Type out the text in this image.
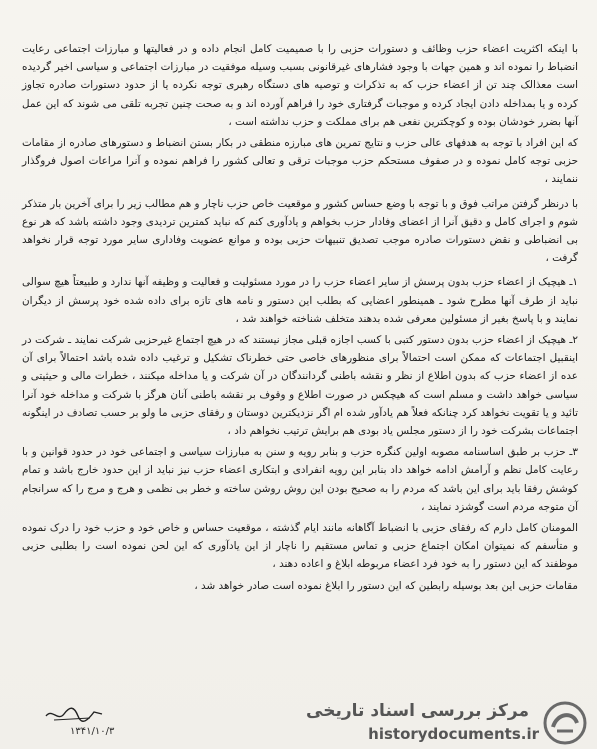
با اینکه اکثریت اعضاء حزب وظائف و دستورات حزبی را با صمیمیت کامل انجام داده و در فعالیتها و مبارزات اجتماعی رعایت انضباط را نموده اند و همین جهات با وجود فشارهای غیرقانونی بسبب وسیله موفقیت در مبارزات اجتماعی و سیاسی اخیر گردیده است معذالک چند تن از اعضاء حزب که به تذکرات و توصیه های دستگاه رهبری توجه نکرده یا از حدود دستورات صادره تجاوز کرده و یا بمداخله دادن ایجاد کرده و موجبات گرفتاری خود را فراهم آورده اند و به صحت چنین تجربه تلقی می شوند که این عمل آنها بضرر خودشان بوده و کوچکترین نفعی هم برای مملکت و حزب نداشته است ،

که این افراد با توجه به هدفهای عالی حزب و نتایج تمرین های مبارزه منطقی در بکار بستن انضباط و دستورهای صادره از مقامات حزبی توجه کامل نموده و در صفوف مستحکم حزب موجبات ترقی و تعالی کشور را فراهم نموده و آنرا مراعات اصول فروگذار ننمایند ،

با درنظر گرفتن مراتب فوق و با توجه با وضع حساس کشور و موقعیت خاص حزب ناچار و هم مطالب زیر را برای آخرین بار متذکر شوم و اجرای کامل و دقیق آنرا از اعضای وفادار حزب بخواهم و یادآوری کنم که نباید کمترین تردیدی وجود داشته باشد که هر نوع بی انضباطی و نقض دستورات صادره موجب تصدیق تنبیهات حزبی بوده و موانع عضویت وفاداری سایر مورد توجه قرار نخواهد گرفت ،

۱ـ هیچیک از اعضاء حزب بدون پرسش از سایر اعضاء حزب را در مورد مسئولیت و فعالیت و وظیفه آنها ندارد و طبیعتاً هیچ سوالی نباید از طرف آنها مطرح شود ـ همینطور اعضایی که بطلب این دستور و نامه های تازه برای داده شده خود پرسش از دیگران نمایند و با پاسخ بغیر از مسئولین معرفی شده بدهند متخلف شناخته خواهند شد ،

۲ـ هیچیک از اعضاء حزب بدون دستور کتبی با کسب اجازه قبلی مجاز نیستند که در هیچ اجتماع غیرحزبی شرکت نمایند ـ شرکت در اینقبیل اجتماعات که ممکن است احتمالاً برای منظورهای خاصی حتی خطرناک تشکیل و ترغیب داده شده باشد احتمالاً برای آن عده از اعضاء حزب که بدون اطلاع از نظر و نقشه باطنی گردانندگان در آن شرکت و یا مداخله میکنند ، خطرات مالی و حیثیتی و سیاسی خواهد داشت و مسلم است که هیچکس در صورت اطلاع و وقوف بر نقشه باطنی آنان هرگز با شرکت و مداخله خود آنرا تائید و یا تقویت نخواهد کرد چنانکه فعلاً هم یادآور شده ام اگر نزدیکترین دوستان و رفقای حزبی ما ولو بر حسب تصادف در اینگونه اجتماعات بشرکت خود را از دستور مجلس یاد بودی هم برایش ترتیب نخواهم داد ،

۳ـ حزب بر طبق اساسنامه مصوبه اولین کنگره حزب و بنابر رویه و سنن به مبارزات سیاسی و اجتماعی خود در حدود قوانین و با رعایت کامل نظم و آرامش ادامه خواهد داد بنابر این رویه انفرادی و ابتکاری اعضاء حزب نیز نباید از این حدود خارج باشد و تمام کوشش رفقا باید برای این باشد که مردم را به صحیح بودن این روش روشن ساخته و خطر بی نظمی و هرج و مرج را که سرانجام آن متوجه مردم است گوشزد نمایند ،

المومنان کامل دارم که رفقای حزبی با انضباط آگاهانه مانند ایام گذشته ، موقعیت حساس و خاص خود و حزب خود را درک نموده و متأسفم که نمیتوان امکان اجتماع حزبی و تماس مستقیم را ناچار از این یادآوری که این لحن نموده است را بطلبی حزبی موظفند که این دستور را به خود فرد اعضاء مربوطه ابلاغ و اعاده دهند ،

مقامات حزبی این بعد بوسیله رابطین که این دستور را ابلاغ نموده است صادر خواهد شد ،

۱۳۴۱/۱۰/۳
مرکز بررسی اسناد تاریخی
historydocuments.ir
